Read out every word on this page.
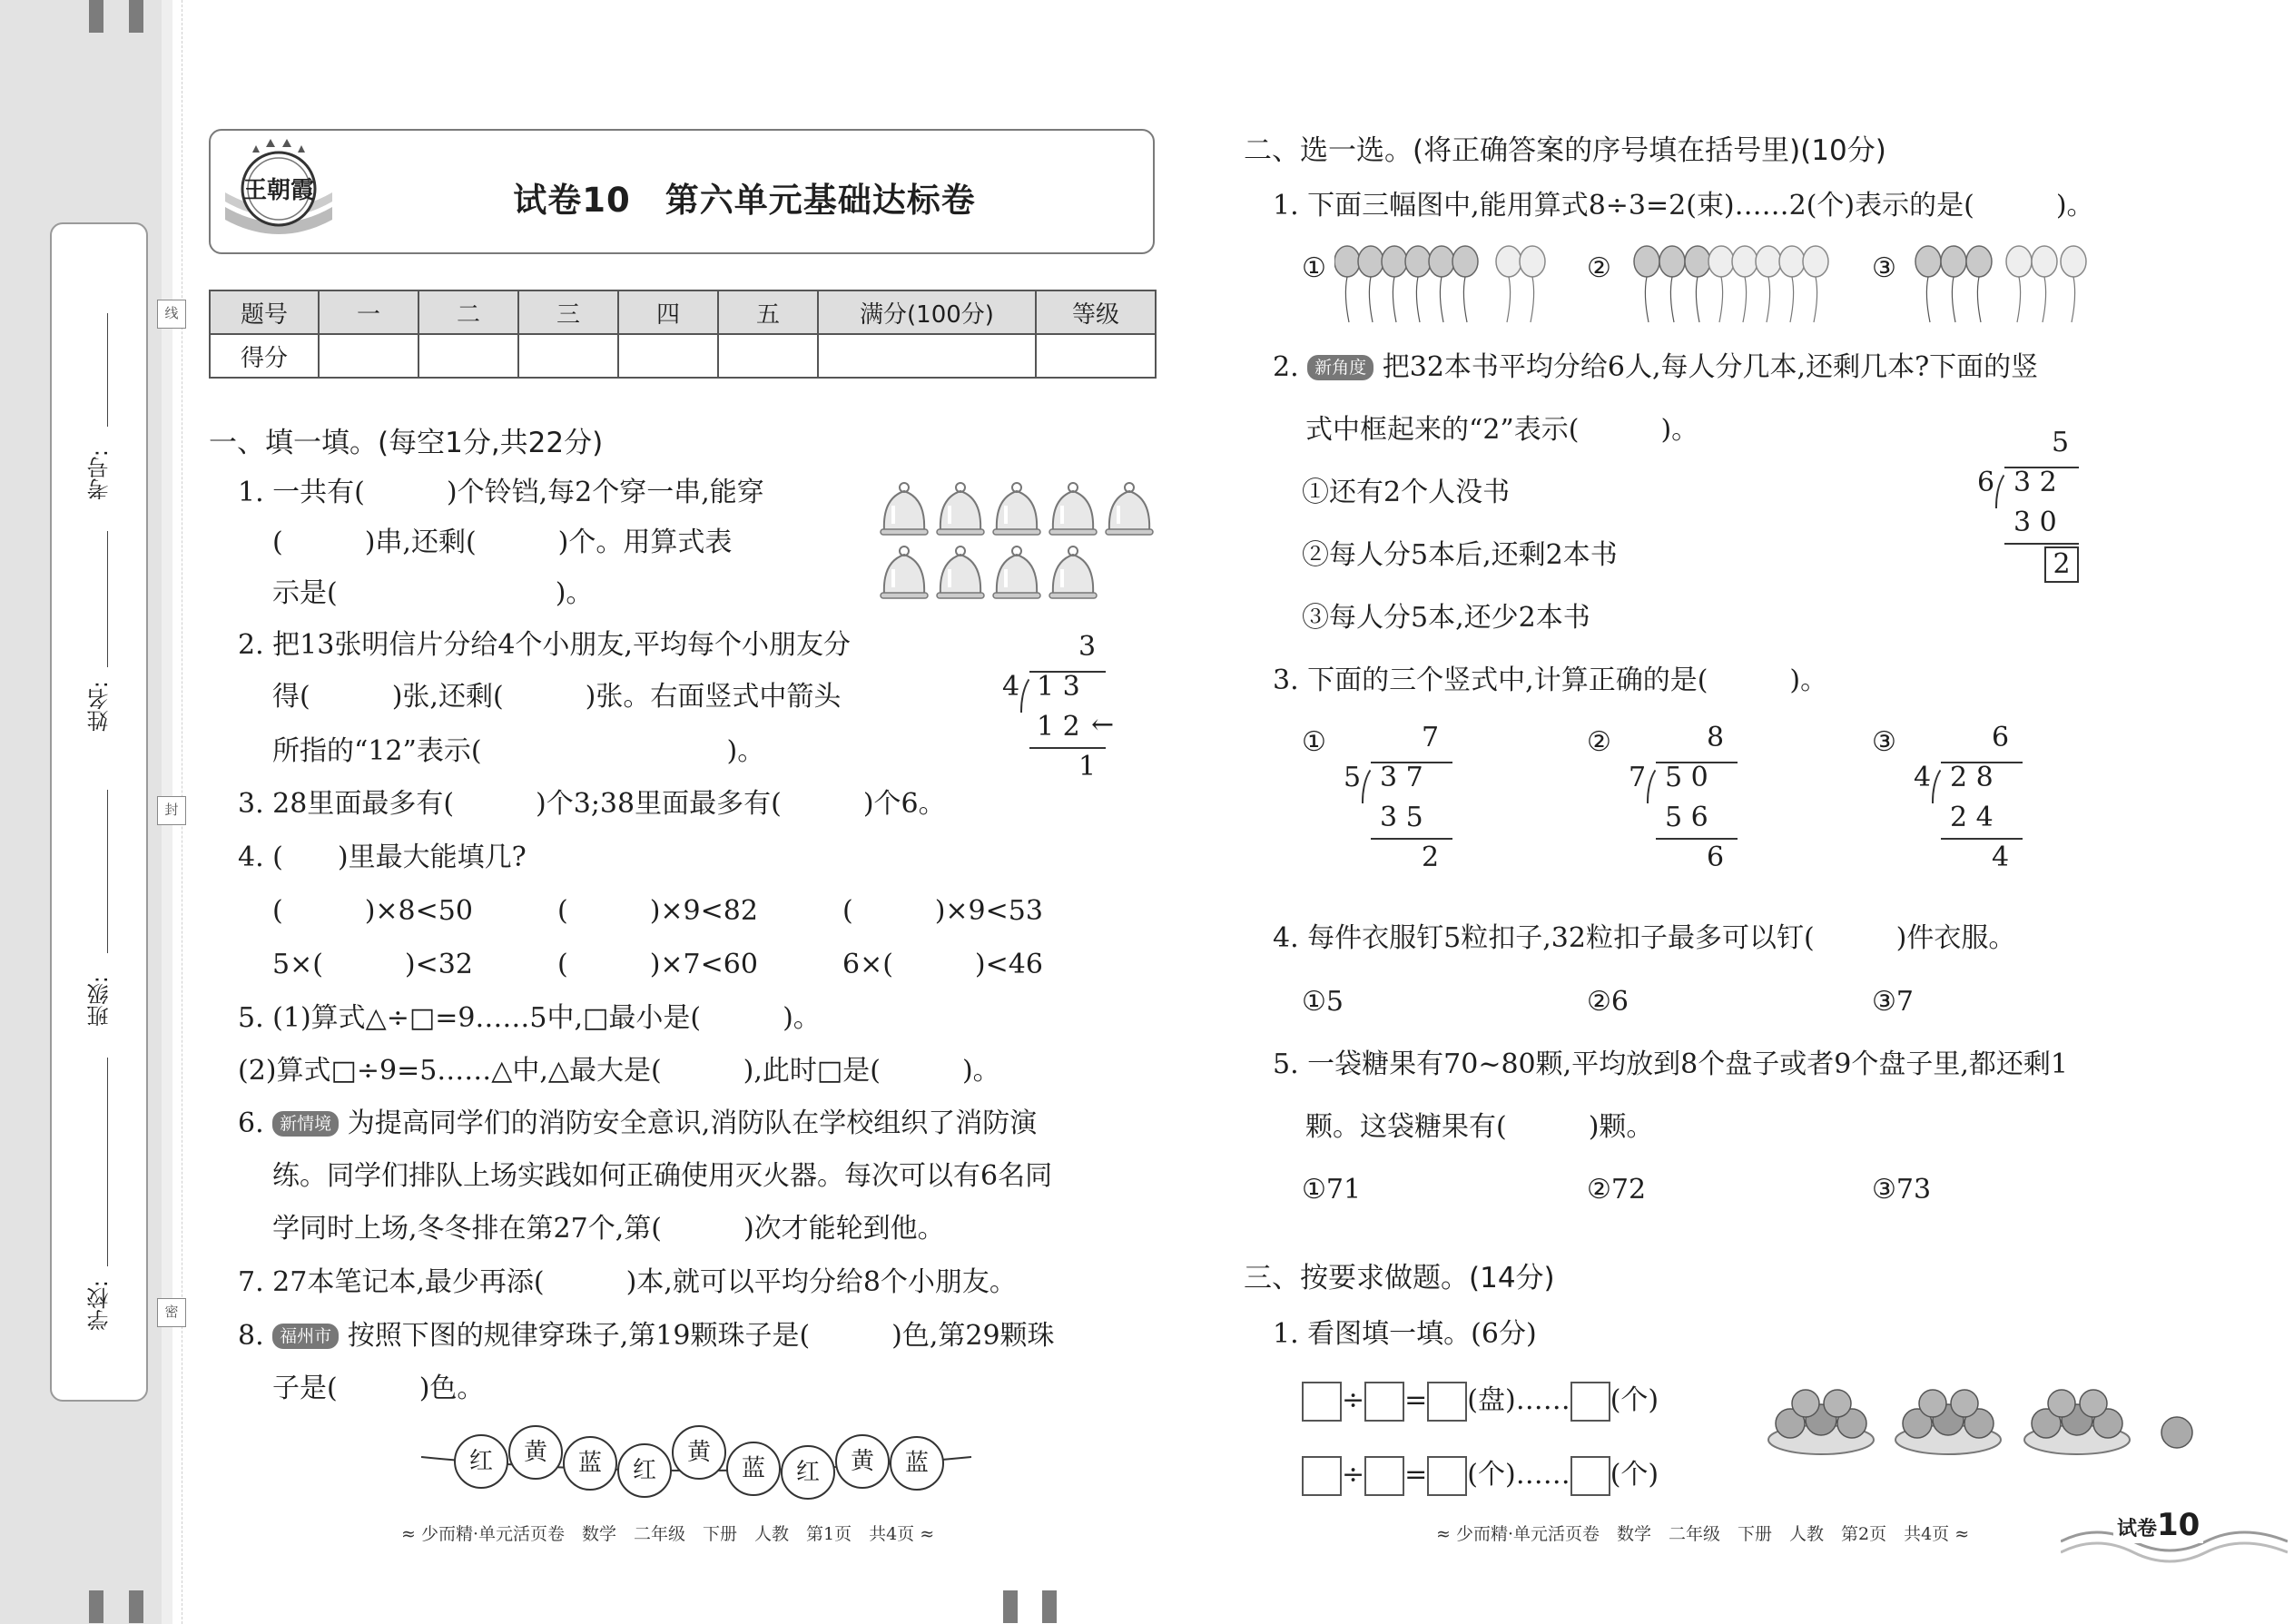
考号:
姓名:
班级:
学校:
线
封
密
王朝霞	试卷10　第六单元基础达标卷
题号	一	二	三	四	五	满分(100分)	等级
得分							
一、填一填。(每空1分,共22分)
1. 一共有(　　　)个铃铛,每2个穿一串,能穿
(　　　)串,还剩(　　　)个。用算式表
示是(　　　　　　　　)。
2. 把13张明信片分给4个小朋友,平均每个小朋友分
得(　　　)张,还剩(　　　)张。右面竖式中箭头
所指的“12”表示(　　　　　　　　　)。
3
4 1 3
1 2 ←
1
3. 28里面最多有(　　　)个3;38里面最多有(　　　)个6。
4. (　　)里最大能填几?
(　　　)×8<50	(　　　)×9<82	(　　　)×9<53
5×(　　　)<32	(　　　)×7<60	6×(　　　)<46
5. (1)算式△÷□=9……5中,□最小是(　　　)。
(2)算式□÷9=5……△中,△最大是(　　　),此时□是(　　　)。
6. 新情境 为提高同学们的消防安全意识,消防队在学校组织了消防演
练。同学们排队上场实践如何正确使用灭火器。每次可以有6名同
学同时上场,冬冬排在第27个,第(　　　)次才能轮到他。
7. 27本笔记本,最少再添(　　　)本,就可以平均分给8个小朋友。
8. 福州市 按照下图的规律穿珠子,第19颗珠子是(　　　)色,第29颗珠
子是(　　　)色。
红	黄	蓝	红
黄
蓝	红	黄	蓝
≈ 少而精·单元活页卷　数学　二年级　下册　人教　第1页　共4页 ≈
二、选一选。(将正确答案的序号填在括号里)(10分)
1. 下面三幅图中,能用算式8÷3=2(束)……2(个)表示的是(　　　)。
①	②	③
2. 新角度 把32本书平均分给6人,每人分几本,还剩几本?下面的竖
式中框起来的“2”表示(　　　)。
①还有2个人没书
②每人分5本后,还剩2本书
③每人分5本,还少2本书
5
6 3 2
3 0
2
3. 下面的三个竖式中,计算正确的是(　　　)。
①	7
5 3 7
3 5
2
②	8
7 5 0
5 6
6
③	6
4 2 8
2 4
4
4. 每件衣服钉5粒扣子,32粒扣子最多可以钉(　　　)件衣服。
①5	②6	③7
5. 一袋糖果有70~80颗,平均放到8个盘子或者9个盘子里,都还剩1
颗。这袋糖果有(　　　)颗。
①71	②72	③73
三、按要求做题。(14分)
1. 看图填一填。(6分)
÷ = (盘)…… (个)
÷ = (个)…… (个)
≈ 少而精·单元活页卷　数学　二年级　下册　人教　第2页　共4页 ≈	试卷10
